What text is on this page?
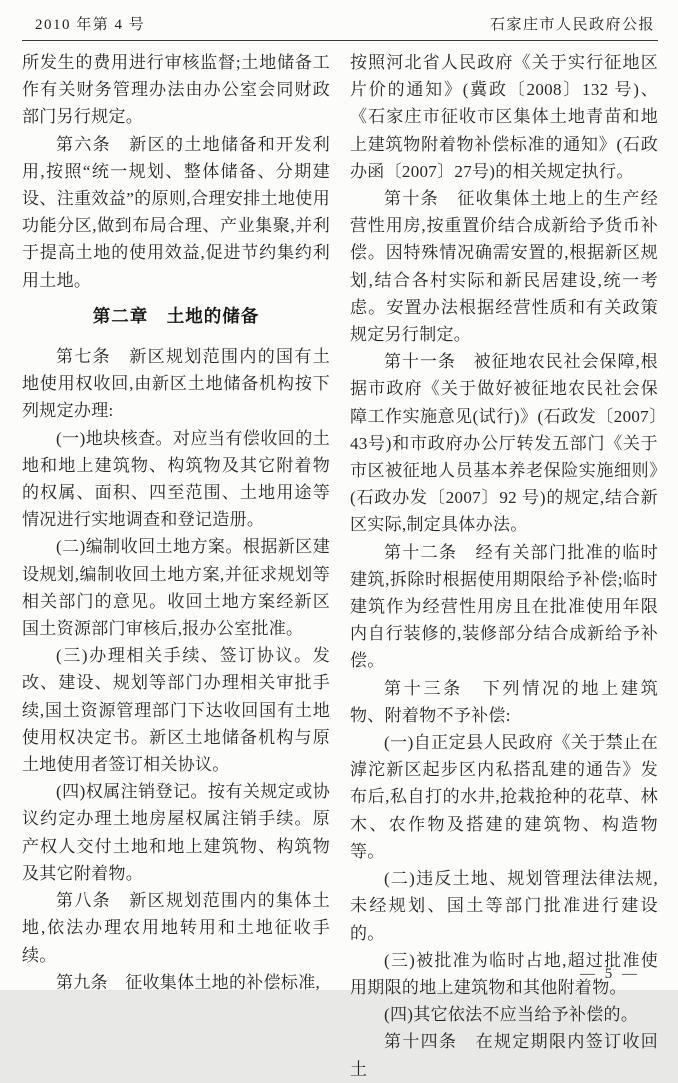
2010 年第 4 号	石家庄市人民政府公报

所发生的费用进行审核监督;土地储备工作有关财务管理办法由办公室会同财政部门另行规定。

第六条　新区的土地储备和开发利用,按照“统一规划、整体储备、分期建设、注重效益”的原则,合理安排土地使用功能分区,做到布局合理、产业集聚,并利于提高土地的使用效益,促进节约集约利用土地。

第二章　土地的储备

第七条　新区规划范围内的国有土地使用权收回,由新区土地储备机构按下列规定办理:

(一)地块核查。对应当有偿收回的土地和地上建筑物、构筑物及其它附着物的权属、面积、四至范围、土地用途等情况进行实地调查和登记造册。

(二)编制收回土地方案。根据新区建设规划,编制收回土地方案,并征求规划等相关部门的意见。收回土地方案经新区国土资源部门审核后,报办公室批准。

(三)办理相关手续、签订协议。发改、建设、规划等部门办理相关审批手续,国土资源管理部门下达收回国有土地使用权决定书。新区土地储备机构与原土地使用者签订相关协议。

(四)权属注销登记。按有关规定或协议约定办理土地房屋权属注销手续。原产权人交付土地和地上建筑物、构筑物及其它附着物。

第八条　新区规划范围内的集体土地,依法办理农用地转用和土地征收手续。

第九条　征收集体土地的补偿标准,

按照河北省人民政府《关于实行征地区片价的通知》(冀政〔2008〕132 号)、《石家庄市征收市区集体土地青苗和地上建筑物附着物补偿标准的通知》(石政办函〔2007〕27号)的相关规定执行。

第十条　征收集体土地上的生产经营性用房,按重置价结合成新给予货币补偿。因特殊情况确需安置的,根据新区规划,结合各村实际和新民居建设,统一考虑。安置办法根据经营性质和有关政策规定另行制定。

第十一条　被征地农民社会保障,根据市政府《关于做好被征地农民社会保障工作实施意见(试行)》(石政发〔2007〕43号)和市政府办公厅转发五部门《关于市区被征地人员基本养老保险实施细则》(石政办发〔2007〕92 号)的规定,结合新区实际,制定具体办法。

第十二条　经有关部门批准的临时建筑,拆除时根据使用期限给予补偿;临时建筑作为经营性用房且在批准使用年限内自行装修的,装修部分结合成新给予补偿。

第十三条　下列情况的地上建筑物、附着物不予补偿:

(一)自正定县人民政府《关于禁止在滹沱新区起步区内私搭乱建的通告》发布后,私自打的水井,抢栽抢种的花草、林木、农作物及搭建的建筑物、构造物等。

(二)违反土地、规划管理法律法规,未经规划、国土等部门批准进行建设的。

(三)被批准为临时占地,超过批准使用期限的地上建筑物和其他附着物。

(四)其它依法不应当给予补偿的。

第十四条　在规定期限内签订收回土

— 5 —
